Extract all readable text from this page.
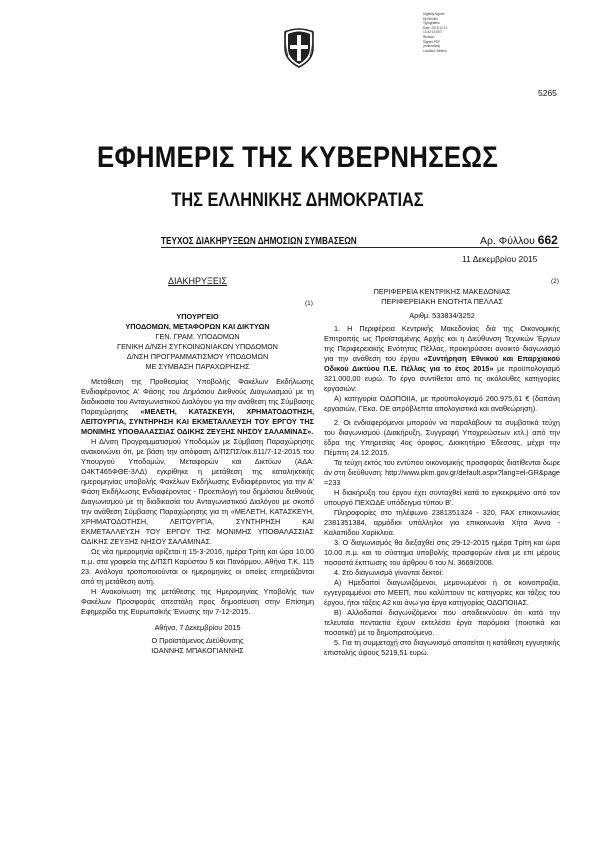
Digitally signed
by Ethniko
Typografeio
Date: 2015.12.11
13:42:15 EET
Reason:
Signed PDF
(embedded)
Location: Athens
5265
ΕΦΗΜΕΡΙΣ ΤΗΣ ΚΥΒΕΡΝΗΣΕΩΣ
ΤΗΣ ΕΛΛΗΝΙΚΗΣ ΔΗΜΟΚΡΑΤΙΑΣ
ΤΕΥΧΟΣ ΔΙΑΚΗΡΥΞΕΩΝ ΔΗΜΟΣΙΩΝ ΣΥΜΒΑΣΕΩΝ	Αρ. Φύλλου 662
11 Δεκεμβρίου 2015
ΔΙΑΚΗΡΥΞΕΙΣ
(1)

ΥΠΟΥΡΓΕΙΟ

ΥΠΟΔΟΜΩΝ, ΜΕΤΑΦΟΡΩΝ ΚΑΙ ΔΙΚΤΥΩΝ

ΓΕΝ. ΓΡΑΜ. ΥΠΟΔΟΜΩΝ

ΓΕΝΙΚΗ Δ/ΝΣΗ ΣΥΓΚΟΙΝΩΝΙΑΚΩΝ ΥΠΟΔΟΜΩΝ

Δ/ΝΣΗ ΠΡΟΓΡΑΜΜΑΤΙΣΜΟΥ ΥΠΟΔΟΜΩΝ

ΜΕ ΣΥΜΒΑΣΗ ΠΑΡΑΧΩΡΗΣΗΣ

Μετάθεση της Προθεσμίας Υποβολής Φακέλων Εκδήλωσης Ενδιαφέροντος Α' Φάσης του Δημόσιου Διεθνούς Διαγωνισμού με τη διαδικασία του Ανταγωνιστικού Διαλόγου για την ανάθεση της Σύμβασης Παραχώρησης «ΜΕΛΕΤΗ, ΚΑΤΑΣΚΕΥΗ, ΧΡΗΜΑΤΟΔΟΤΗΣΗ, ΛΕΙΤΟΥΡΓΙΑ, ΣΥΝΤΗΡΗΣΗ ΚΑΙ ΕΚΜΕΤΑΛΛΕΥΣΗ ΤΟΥ ΕΡΓΟΥ ΤΗΣ ΜΟΝΙΜΗΣ ΥΠΟΘΑΛΑΣΣΙΑΣ ΟΔΙΚΗΣ ΖΕΥΞΗΣ ΝΗΣΟΥ ΣΑΛΑΜΙΝΑΣ».

Η Δ/νση Προγραμματισμού Υποδομών με Σύμβαση Παραχώρησης ανακοινώνει ότι, με βάση την απόφαση Δ/ΠΣΠΣ/οικ.611/7-12-2015 του Υπουργού Υποδομών, Μεταφορών και Δικτύων (ΑΔΑ: Ω4ΚΤ465ΦΘΕ-3ΛΔ) εγκρίθηκε η μετάθεση της καταληκτικής ημερομηνίας υποβολής Φακέλων Εκδήλωσης Ενδιαφέροντος για την Α' Φάση Εκδήλωσης Ενδιαφέροντος - Προεπιλογή του δημόσιου διεθνούς Διαγωνισμού με τη διαδικασία του Ανταγωνιστικού Διαλόγου με σκοπό την ανάθεση Σύμβασης Παραχώρησης για τη «ΜΕΛΕΤΗ, ΚΑΤΑΣΚΕΥΗ, ΧΡΗΜΑΤΟΔΟΤΗΣΗ, ΛΕΙΤΟΥΡΓΙΑ, ΣΥΝΤΗΡΗΣΗ ΚΑΙ ΕΚΜΕΤΑΛΛΕΥΣΗ ΤΟΥ ΕΡΓΟΥ ΤΗΣ ΜΟΝΙΜΗΣ ΥΠΟΘΑΛΑΣΣΙΑΣ ΟΔΙΚΗΣ ΖΕΥΞΗΣ ΝΗΣΟΥ ΣΑΛΑΜΙΝΑΣ.

Ως νέα ημερομηνία ορίζεται η 15-3-2016, ημέρα Τρίτη και ώρα 10.00 π.μ. στα γραφεία της Δ/ΠΣΠ Καρύστου 5 και Πανόρμου, Αθήνα Τ.Κ. 115 23. Ανάλογα τροποποιούνται οι ημερομηνίες οι οποίες επηρεάζονται από τη μετάθεση αυτή.

Η Ανακοίνωση της μετάθεσης της Ημερομηνίας Υποβολής των Φακέλων Προσφοράς απεστάλη προς δημοσίευση στην Επίσημη Εφημερίδα της Ευρωπαϊκής Ένωσης την 7-12-2015.

Αθήνα, 7 Δεκεμβρίου 2015

Ο Προϊστάμενος Διεύθυνσης

ΙΩΑΝΝΗΣ ΜΠΑΚΟΓΙΑΝΝΗΣ

(2)

ΠΕΡΙΦΕΡΕΙΑ ΚΕΝΤΡΙΚΗΣ ΜΑΚΕΔΟΝΙΑΣ

ΠΕΡΙΦΕΡΕΙΑΚΗ ΕΝΟΤΗΤΑ ΠΕΛΛΑΣ

Αριθμ. 533834/3252

1. Η Περιφέρεια Κεντρικής Μακεδονίας διά της Οικονομικής Επιτροπής ως Προϊσταμένης Αρχής και η Διεύθυνση Τεχνικών Έργων της Περιφερειακής Ενότητας Πέλλας, προκηρύσσει ανοικτό διαγωνισμό για την ανάθεση του έργου «Συντήρηση Εθνικού και Επαρχιακού Οδικού Δικτύου Π.Ε. Πέλλας για το έτος 2015» με προϋπολογισμό 321.000,00 ευρώ. Το έργο συντίθεται από τις ακόλουθες κατηγορίες εργασιών:

Α) κατηγορία ΟΔΟΠΟΙΙΑ, με προϋπολογισμό 260.975,61 € (δαπάνη εργασιών, ΓΕκα. ΟΕ απρόβλεπτα απολογιστικά και αναθεώρηση).

2. Οι ενδιαφερόμενοι μπορούν να παραλάβουν τα συμβατικά τεύχη του διαγωνισμού (Διακήρυξη, Συγγραφή Υποχρεώσεων κτλ.) από την έδρα της Υπηρεσίας 4ος όροφος, Διοικητήριο Έδεσσας, μέχρι την Πέμπτη 24.12.2015.

Τα τεύχη εκτός του εντύπου οικονομικής προσφοράς διατίθενται δωρεάν στη διεύθυνση: http://www.pkm.gov.gr/default.aspx?lang=el-GR&page=233

Η διακήρυξη του έργου έχει συνταχθεί κατά το εγκεκριμένο από τον υπουργό ΠΕΧΩΔΕ υπόδειγμα τύπου Β'.

Πληροφορίες στο τηλέφωνο 2381351324 - 320, FAX επικοινωνίας 2381351384, αρμόδιοι υπάλληλοι για επικοινωνία Χήτα Άννα - Καλαπίδου Χαρίκλεια.

3. Ο διαγωνισμός θα διεξαχθεί στις 29-12-2015 ημέρα Τρίτη και ώρα 10.00 π.μ. και το σύστημα υποβολής προσφορών είναι με επί μέρους ποσοστά έκπτωσης του άρθρου 6 του Ν. 3669/2008.

4. Στο διαγωνισμό γίνονται δεκτοί:

Α) Ημεδαποί διαγωνιζόμενοι, μεμονωμένοι ή σε κοινοπραξία, εγγεγραμμένοι στο ΜΕΕΠ, που καλύπτουν τις κατηγορίες και τάξεις του έργου, ήτοι τάξεις Α2 και άνω για έργα κατηγορίας ΟΔΟΠΟΙΙΑΣ.

Β) Αλλοδαποί διαγωνιζόμενοι που αποδεικνύουν ότι κατά την τελευταία πενταετία έχουν εκτελέσει έργα παρόμοια (ποιοτικά και ποσοτικά) με το δημοπρατούμενο.

5. Για τη συμμετοχή στο διαγωνισμό απαιτείται η κατάθεση εγγυητικής επιστολής ύψους 5219,51 ευρώ.
